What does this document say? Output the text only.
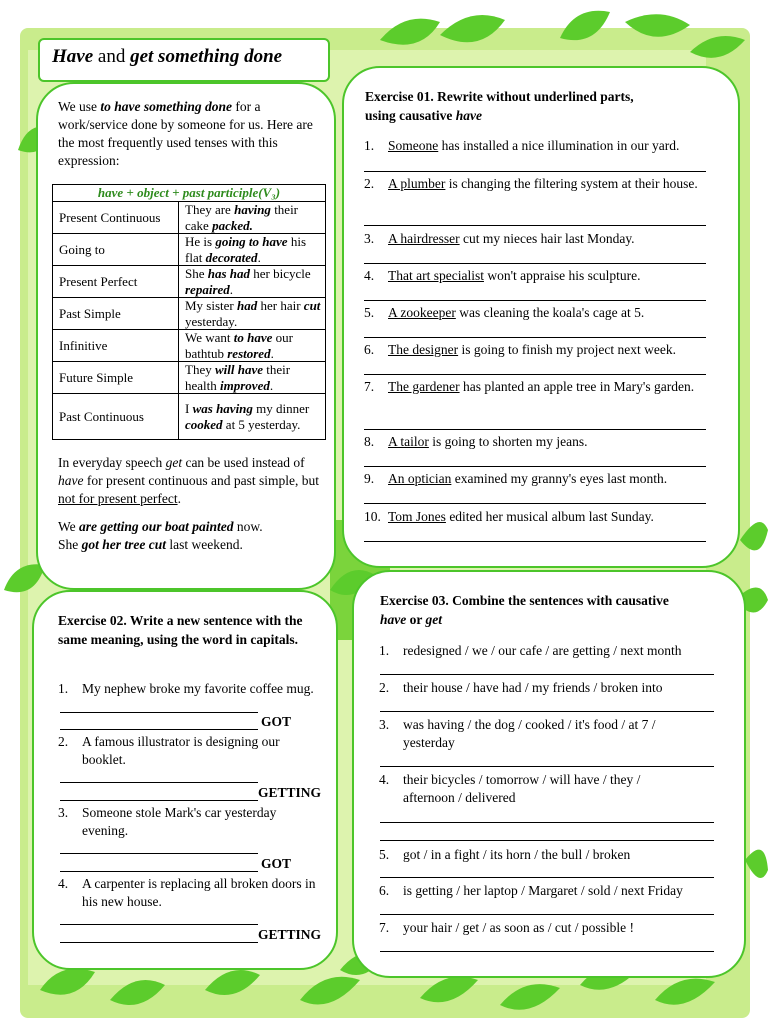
Have and get something done
We use to have something done for a work/service done by someone for us. Here are the most frequently used tenses with this expression:
have + object + past participle(V₃)	
Present Continuous	They are having their cake packed.
Going to	He is going to have his flat decorated.
Present Perfect	She has had her bicycle repaired.
Past Simple	My sister had her hair cut yesterday.
Infinitive	We want to have our bathtub restored.
Future Simple	They will have their health improved.
Past Continuous	I was having my dinner cooked at 5 yesterday.
In everyday speech get can be used instead of have for present continuous and past simple, but not for present perfect.
We are getting our boat painted now.
She got her tree cut last weekend.
Exercise 01. Rewrite without underlined parts,
using causative have
1. Someone has installed a nice illumination in our yard.
2. A plumber is changing the filtering system at their house.
3. A hairdresser cut my nieces hair last Monday.
4. That art specialist won't appraise his sculpture.
5. A zookeeper was cleaning the koala's cage at 5.
6. The designer is going to finish my project next week.
7. The gardener has planted an apple tree in Mary's garden.
8. A tailor is going to shorten my jeans.
9. An optician examined my granny's eyes last month.
10. Tom Jones edited her musical album last Sunday.
Exercise 02. Write a new sentence with the same meaning, using the word in capitals.
1. My nephew broke my favorite coffee mug.
GOT
2. A famous illustrator is designing our booklet.
GETTING
3. Someone stole Mark's car yesterday evening.
GOT
4. A carpenter is replacing all broken doors in his new house.
GETTING
Exercise 03. Combine the sentences with causative
have or get
1. redesigned / we / our cafe / are getting / next month
2. their house / have had / my friends / broken into
3. was having / the dog / cooked / it's food / at 7 / yesterday
4. their bicycles / tomorrow / will have / they / afternoon / delivered
5. got / in a fight / its horn / the bull / broken
6. is getting / her laptop / Margaret / sold / next Friday
7. your hair / get / as soon as / cut / possible !
